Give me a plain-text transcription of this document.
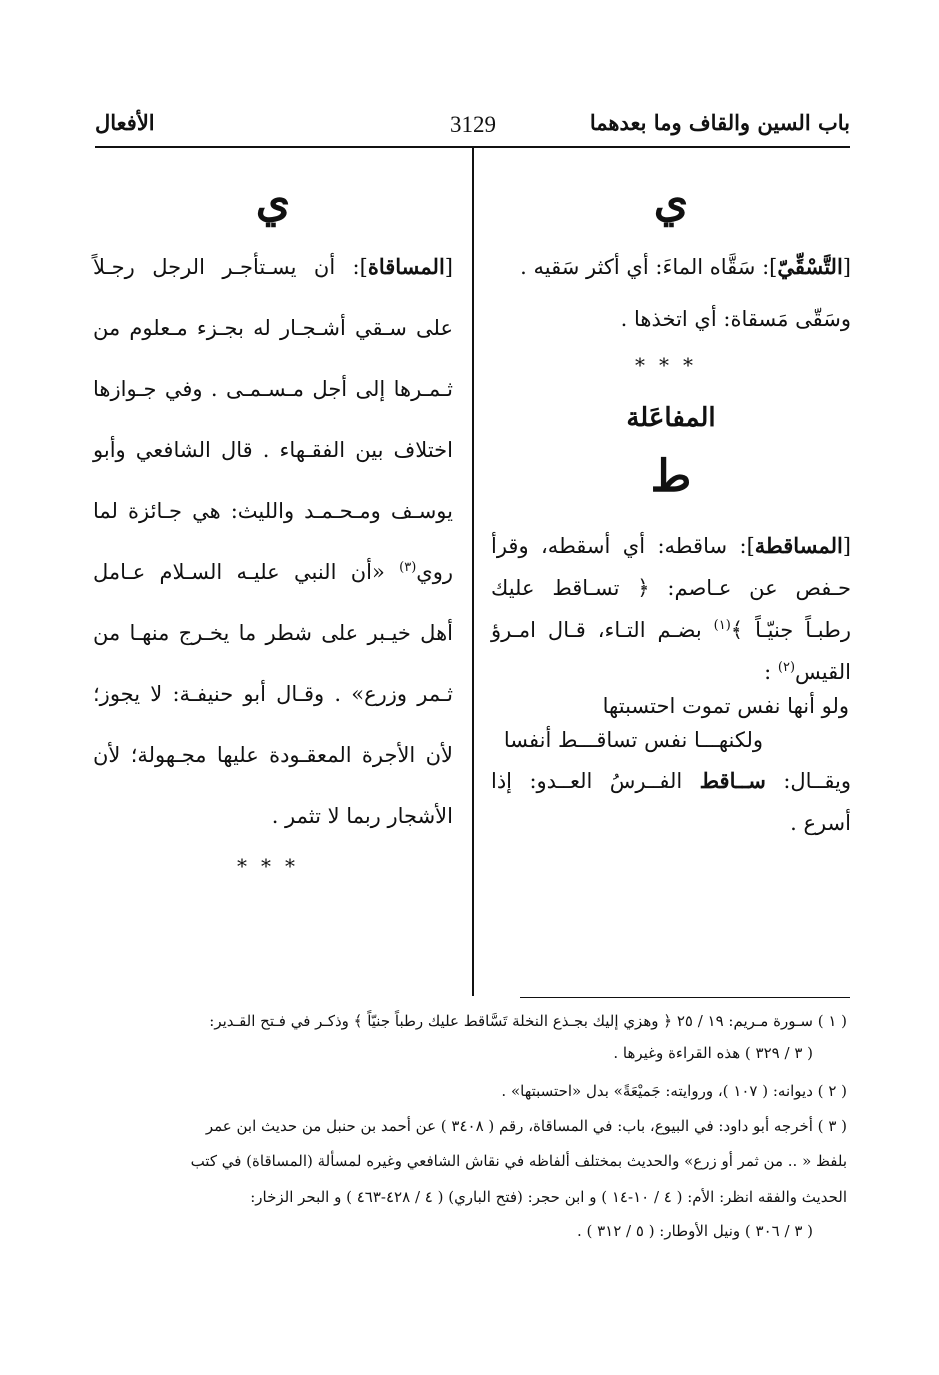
باب السين والقاف وما بعدهما
3129
الأفعال
ي
[التَّسْقِّيّ]: سَقَّاه الماءَ: أي أكثر سَقيه .
وسَقّى مَسقاة: أي اتخذها .
***
المفاعَلة
ط
[المساقطة]: ساقطه: أي أسقطه، وقرأ
حـفص عن عـاصم: ﴿ تسـاقط عليك
رطبـاً جنيّـاً ﴾$^{(١)}$ بضـم التـاء، قـال امـرؤ
القيس$^{(٢)}$ :
ولو أنها نفس تموت احتسبتها
ولكنهـــا نفس تساقـــط أنفسا
ويقــال: ســاقط الفــرسُ العــدو: إذا
أسرع .
ي
[المساقاة]: أن يسـتأجـر الرجل رجـلاً
على سـقي أشـجـار له بجـزء مـعلوم من
ثـمـرها إلى أجل مـسـمـى . وفي جـوازها
اختلاف بين الفقـهاء . قال الشافعي وأبو
يوسـف ومـحـمـد والليث: هي جـائزة لما
روي$^{(٣)}$ «أن النبي عليـه السـلام عـامل
أهل خيـبر على شطر ما يخـرج منهـا من
ثـمر وزرع» . وقـال أبو حنيفـة: لا يجوز؛
لأن الأجرة المعقـودة عليها مجـهولة؛ لأن
الأشجار ربما لا تثمر .
***
( ١ ) سـورة مـريم: ١٩ / ٢٥ ﴿ وهزي إليك بجـذع النخلة تَسَّاقط عليك رطباً جنيّاً ﴾ وذكـر في فـتح القـدير:
( ٣ / ٣٢٩ ) هذه القراءة وغيرها .
( ٢ ) ديوانه: ( ١٠٧ )، وروايته: جَميْعَةً» بدل «احتسبتها» .
( ٣ ) أخرجه أبو داود: في البيوع، باب: في المساقاة، رقم ( ٣٤٠٨ ) عن أحمد بن حنبل من حديث ابن عمر
بلفظ « .. من ثمر أو زرع» والحديث بمختلف ألفاظه في نقاش الشافعي وغيره لمسألة (المساقاة) في كتب
الحديث والفقه انظر: الأم: ( ٤ / ١٠-١٤ ) و ابن حجر: (فتح الباري) ( ٤ / ٤٢٨-٤٦٣ ) و البحر الزخار:
( ٣ / ٣٠٦ ) ونيل الأوطار: ( ٥ / ٣١٢ ) .
